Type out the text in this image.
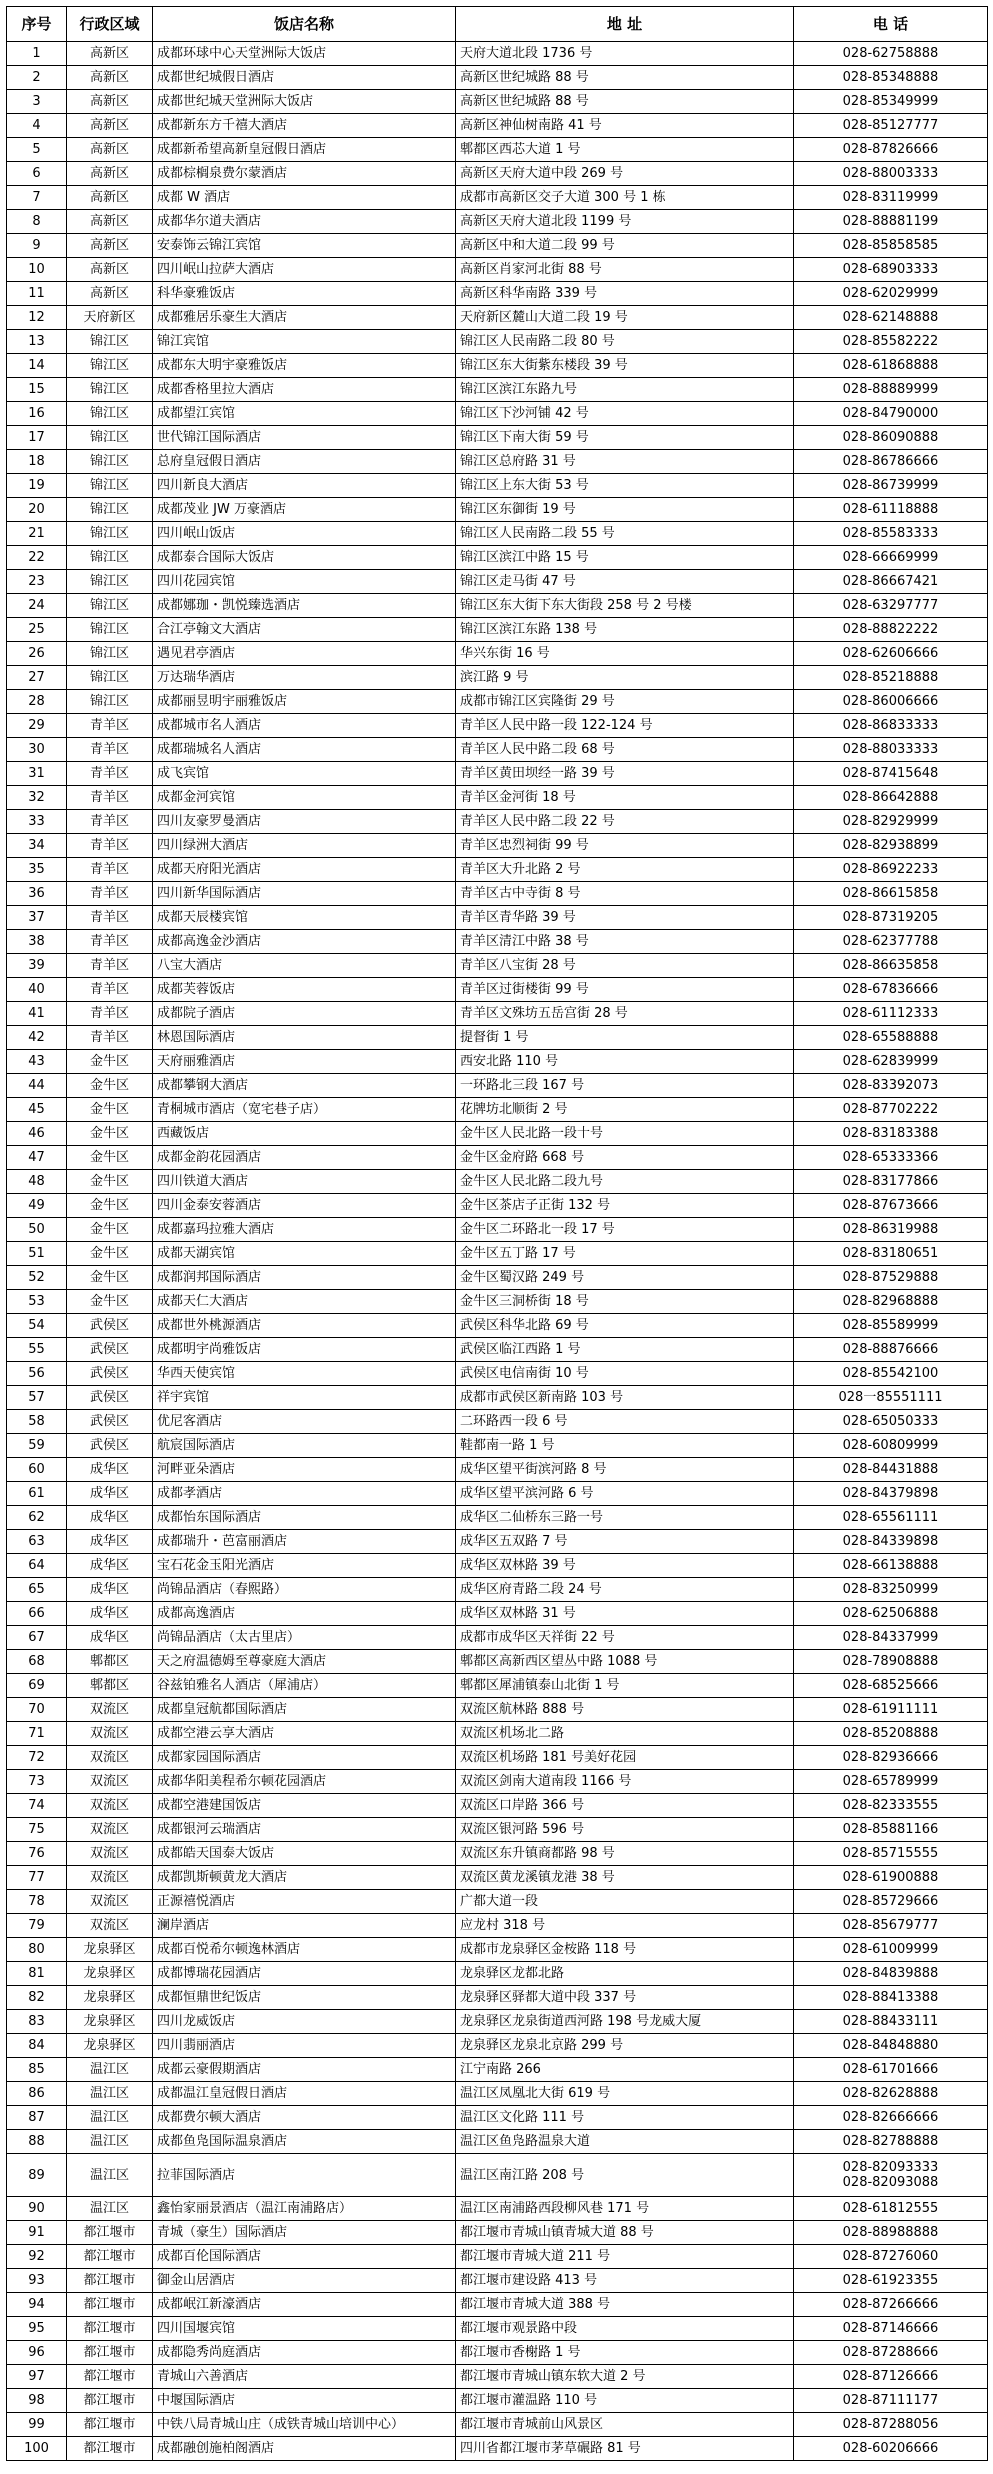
序号	行政区域	饭店名称	地 址	电 话
1	高新区	成都环球中心天堂洲际大饭店	天府大道北段 1736 号	028-62758888
2	高新区	成都世纪城假日酒店	高新区世纪城路 88 号	028-85348888
3	高新区	成都世纪城天堂洲际大饭店	高新区世纪城路 88 号	028-85349999
4	高新区	成都新东方千禧大酒店	高新区神仙树南路 41 号	028-85127777
5	高新区	成都新希望高新皇冠假日酒店	郫都区西芯大道 1 号	028-87826666
6	高新区	成都棕榈泉费尔蒙酒店	高新区天府大道中段 269 号	028-88003333
7	高新区	成都 W 酒店	成都市高新区交子大道 300 号 1 栋	028-83119999
8	高新区	成都华尔道夫酒店	高新区天府大道北段 1199 号	028-88881199
9	高新区	安泰饰云锦江宾馆	高新区中和大道二段 99 号	028-85858585
10	高新区	四川岷山拉萨大酒店	高新区肖家河北街 88 号	028-68903333
11	高新区	科华豪雅饭店	高新区科华南路 339 号	028-62029999
12	天府新区	成都雅居乐豪生大酒店	天府新区麓山大道二段 19 号	028-62148888
13	锦江区	锦江宾馆	锦江区人民南路二段 80 号	028-85582222
14	锦江区	成都东大明宇豪雅饭店	锦江区东大街紫东楼段 39 号	028-61868888
15	锦江区	成都香格里拉大酒店	锦江区滨江东路九号	028-88889999
16	锦江区	成都望江宾馆	锦江区下沙河铺 42 号	028-84790000
17	锦江区	世代锦江国际酒店	锦江区下南大街 59 号	028-86090888
18	锦江区	总府皇冠假日酒店	锦江区总府路 31 号	028-86786666
19	锦江区	四川新良大酒店	锦江区上东大街 53 号	028-86739999
20	锦江区	成都茂业 JW 万豪酒店	锦江区东御街 19 号	028-61118888
21	锦江区	四川岷山饭店	锦江区人民南路二段 55 号	028-85583333
22	锦江区	成都泰合国际大饭店	锦江区滨江中路 15 号	028-66669999
23	锦江区	四川花园宾馆	锦江区走马街 47 号	028-86667421
24	锦江区	成都娜珈・凯悦臻选酒店	锦江区东大街下东大街段 258 号 2 号楼	028-63297777
25	锦江区	合江亭翰文大酒店	锦江区滨江东路 138 号	028-88822222
26	锦江区	遇见君亭酒店	华兴东街 16 号	028-62606666
27	锦江区	万达瑞华酒店	滨江路 9 号	028-85218888
28	锦江区	成都丽昱明宇丽雅饭店	成都市锦江区宾隆街 29 号	028-86006666
29	青羊区	成都城市名人酒店	青羊区人民中路一段 122-124 号	028-86833333
30	青羊区	成都瑞城名人酒店	青羊区人民中路二段 68 号	028-88033333
31	青羊区	成飞宾馆	青羊区黄田坝经一路 39 号	028-87415648
32	青羊区	成都金河宾馆	青羊区金河街 18 号	028-86642888
33	青羊区	四川友豪罗曼酒店	青羊区人民中路二段 22 号	028-82929999
34	青羊区	四川绿洲大酒店	青羊区忠烈祠街 99 号	028-82938899
35	青羊区	成都天府阳光酒店	青羊区大升北路 2 号	028-86922233
36	青羊区	四川新华国际酒店	青羊区古中寺街 8 号	028-86615858
37	青羊区	成都天辰楼宾馆	青羊区青华路 39 号	028-87319205
38	青羊区	成都高逸金沙酒店	青羊区清江中路 38 号	028-62377788
39	青羊区	八宝大酒店	青羊区八宝街 28 号	028-86635858
40	青羊区	成都芙蓉饭店	青羊区过街楼街 99 号	028-67836666
41	青羊区	成都院子酒店	青羊区文殊坊五岳宫街 28 号	028-61112333
42	青羊区	林恩国际酒店	提督街 1 号	028-65588888
43	金牛区	天府丽雅酒店	西安北路 110 号	028-62839999
44	金牛区	成都攀钢大酒店	一环路北三段 167 号	028-83392073
45	金牛区	青桐城市酒店（宽宅巷子店）	花牌坊北顺街 2 号	028-87702222
46	金牛区	西藏饭店	金牛区人民北路一段十号	028-83183388
47	金牛区	成都金韵花园酒店	金牛区金府路 668 号	028-65333366
48	金牛区	四川铁道大酒店	金牛区人民北路二段九号	028-83177866
49	金牛区	四川金泰安蓉酒店	金牛区茶店子正街 132 号	028-87673666
50	金牛区	成都嘉玛拉雅大酒店	金牛区二环路北一段 17 号	028-86319988
51	金牛区	成都天湖宾馆	金牛区五丁路 17 号	028-83180651
52	金牛区	成都润邦国际酒店	金牛区蜀汉路 249 号	028-87529888
53	金牛区	成都天仁大酒店	金牛区三洞桥街 18 号	028-82968888
54	武侯区	成都世外桃源酒店	武侯区科华北路 69 号	028-85589999
55	武侯区	成都明宇尚雅饭店	武侯区临江西路 1 号	028-88876666
56	武侯区	华西天使宾馆	武侯区电信南街 10 号	028-85542100
57	武侯区	祥宇宾馆	成都市武侯区新南路 103 号	028一85551111
58	武侯区	优尼客酒店	二环路西一段 6 号	028-65050333
59	武侯区	航宸国际酒店	鞋都南一路 1 号	028-60809999
60	成华区	河畔亚朵酒店	成华区望平街滨河路 8 号	028-84431888
61	成华区	成都孝酒店	成华区望平滨河路 6 号	028-84379898
62	成华区	成都怡东国际酒店	成华区二仙桥东三路一号	028-65561111
63	成华区	成都瑞升・芭富丽酒店	成华区五双路 7 号	028-84339898
64	成华区	宝石花金玉阳光酒店	成华区双林路 39 号	028-66138888
65	成华区	尚锦品酒店（春熙路）	成华区府青路二段 24 号	028-83250999
66	成华区	成都高逸酒店	成华区双林路 31 号	028-62506888
67	成华区	尚锦品酒店（太古里店）	成都市成华区天祥街 22 号	028-84337999
68	郫都区	天之府温德姆至尊豪庭大酒店	郫都区高新西区望丛中路 1088 号	028-78908888
69	郫都区	谷兹铂雅名人酒店（犀浦店）	郫都区犀浦镇泰山北街 1 号	028-68525666
70	双流区	成都皇冠航都国际酒店	双流区航林路 888 号	028-61911111
71	双流区	成都空港云享大酒店	双流区机场北二路	028-85208888
72	双流区	成都家园国际酒店	双流区机场路 181 号美好花园	028-82936666
73	双流区	成都华阳美程希尔顿花园酒店	双流区剑南大道南段 1166 号	028-65789999
74	双流区	成都空港建国饭店	双流区口岸路 366 号	028-82333555
75	双流区	成都银河云瑞酒店	双流区银河路 596 号	028-85881166
76	双流区	成都皓天国泰大饭店	双流区东升镇商都路 98 号	028-85715555
77	双流区	成都凯斯顿黄龙大酒店	双流区黄龙溪镇龙港 38 号	028-61900888
78	双流区	正源禧悦酒店	广都大道一段	028-85729666
79	双流区	澜岸酒店	应龙村 318 号	028-85679777
80	龙泉驿区	成都百悦希尔顿逸林酒店	成都市龙泉驿区金桉路 118 号	028-61009999
81	龙泉驿区	成都博瑞花园酒店	龙泉驿区龙都北路	028-84839888
82	龙泉驿区	成都恒鼎世纪饭店	龙泉驿区驿都大道中段 337 号	028-88413388
83	龙泉驿区	四川龙威饭店	龙泉驿区龙泉街道西河路 198 号龙威大厦	028-88433111
84	龙泉驿区	四川翡丽酒店	龙泉驿区龙泉北京路 299 号	028-84848880
85	温江区	成都云豪假期酒店	江宁南路 266	028-61701666
86	温江区	成都温江皇冠假日酒店	温江区凤凰北大街 619 号	028-82628888
87	温江区	成都费尔顿大酒店	温江区文化路 111 号	028-82666666
88	温江区	成都鱼凫国际温泉酒店	温江区鱼凫路温泉大道	028-82788888
89	温江区	拉菲国际酒店	温江区南江路 208 号	028-82093333
028-82093088

90	温江区	鑫怡家丽景酒店（温江南浦路店）	温江区南浦路西段柳风巷 171 号	028-61812555
91	都江堰市	青城（豪生）国际酒店	都江堰市青城山镇青城大道 88 号	028-88988888
92	都江堰市	成都百伦国际酒店	都江堰市青城大道 211 号	028-87276060
93	都江堰市	御金山居酒店	都江堰市建设路 413 号	028-61923355
94	都江堰市	成都岷江新濠酒店	都江堰市青城大道 388 号	028-87266666
95	都江堰市	四川国堰宾馆	都江堰市观景路中段	028-87146666
96	都江堰市	成都隐秀尚庭酒店	都江堰市香榭路 1 号	028-87288666
97	都江堰市	青城山六善酒店	都江堰市青城山镇东软大道 2 号	028-87126666
98	都江堰市	中堰国际酒店	都江堰市灌温路 110 号	028-87111177
99	都江堰市	中铁八局青城山庄（成铁青城山培训中心）	都江堰市青城前山风景区	028-87288056
100	都江堰市	成都融创施柏阁酒店	四川省都江堰市茅草碾路 81 号	028-60206666
